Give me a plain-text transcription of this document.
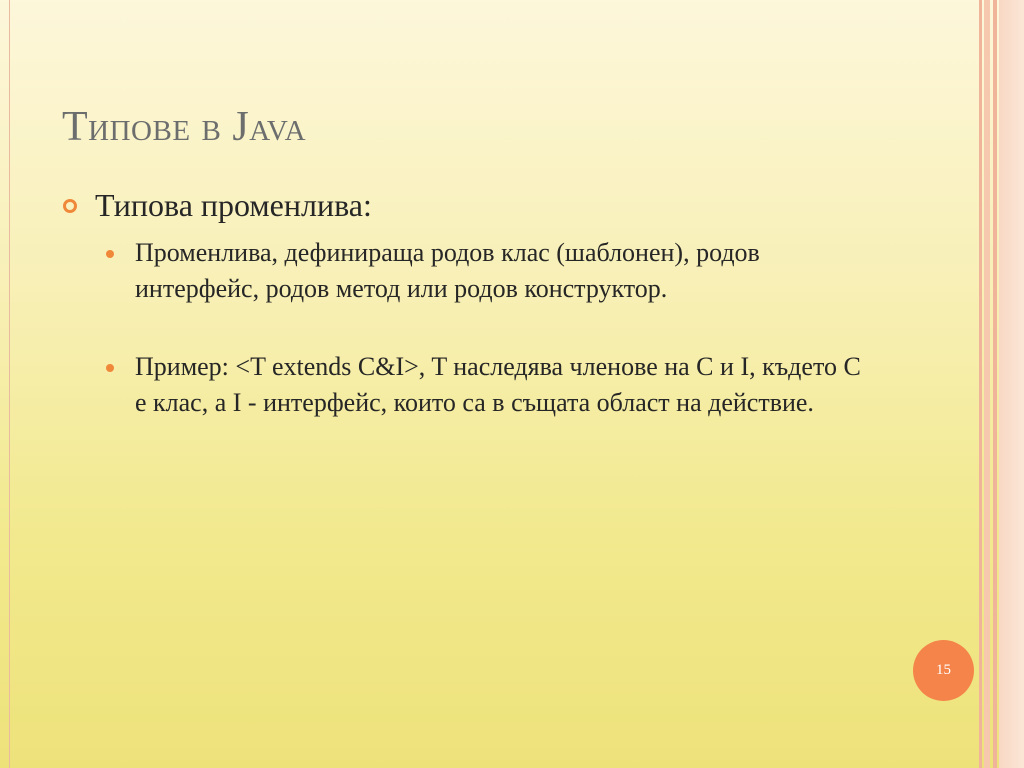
Типове в Java
Типова променлива:
Променлива, дефинираща родов клас (шаблонен), родов интерфейс, родов метод или родов конструктор.
Пример: <T extends C&I>, T наследява членове на C и I, където C е клас, а I - интерфейс, които са в същата област на действие.
15
